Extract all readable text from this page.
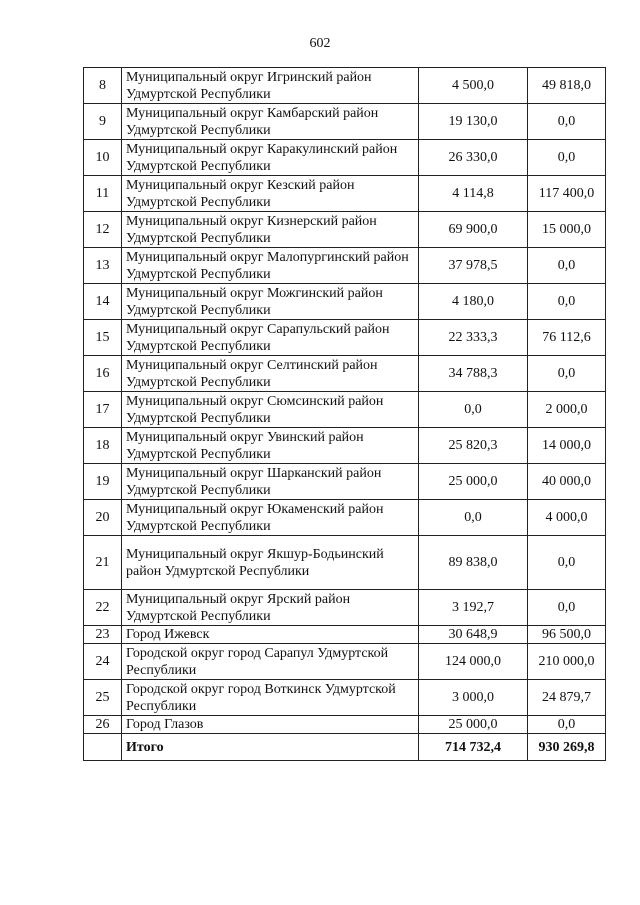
602
8	Муниципальный округ Игринский район Удмуртской Республики	4 500,0	49 818,0
9	Муниципальный округ Камбарский район Удмуртской Республики	19 130,0	0,0
10	Муниципальный округ Каракулинский район Удмуртской Республики	26 330,0	0,0
11	Муниципальный округ Кезский район Удмуртской Республики	4 114,8	117 400,0
12	Муниципальный округ Кизнерский район Удмуртской Республики	69 900,0	15 000,0
13	Муниципальный округ Малопургинский район Удмуртской Республики	37 978,5	0,0
14	Муниципальный округ Можгинский район Удмуртской Республики	4 180,0	0,0
15	Муниципальный округ Сарапульский район Удмуртской Республики	22 333,3	76 112,6
16	Муниципальный округ Селтинский район Удмуртской Республики	34 788,3	0,0
17	Муниципальный округ Сюмсинский район Удмуртской Республики	0,0	2 000,0
18	Муниципальный округ Увинский район Удмуртской Республики	25 820,3	14 000,0
19	Муниципальный округ Шарканский район Удмуртской Республики	25 000,0	40 000,0
20	Муниципальный округ Юкаменский район Удмуртской Республики	0,0	4 000,0
21	Муниципальный округ Якшур-Бодьинский район Удмуртской Республики	89 838,0	0,0
22	Муниципальный округ Ярский район Удмуртской Республики	3 192,7	0,0
23	Город Ижевск	30 648,9	96 500,0
24	Городской округ город Сарапул Удмуртской Республики	124 000,0	210 000,0
25	Городской округ город Воткинск Удмуртской Республики	3 000,0	24 879,7
26	Город Глазов	25 000,0	0,0
	Итого	714 732,4	930 269,8
